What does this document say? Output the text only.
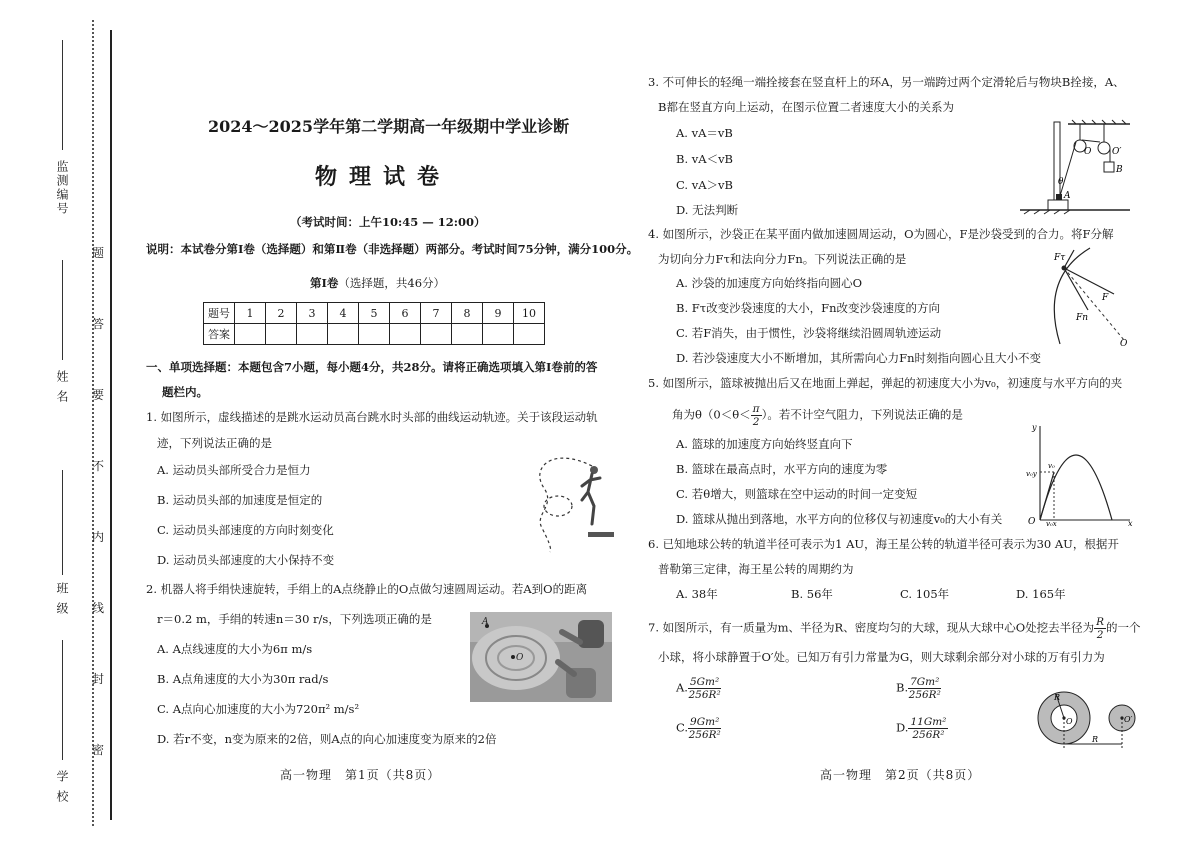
监测编号
姓 名
班 级
学 校
题
答
要
不
内
线
封
密
2024～2025学年第二学期高一年级期中学业诊断
物理试卷
（考试时间：上午10:45 — 12:00）
说明：本试卷分第Ⅰ卷（选择题）和第Ⅱ卷（非选择题）两部分。考试时间75分钟，满分100分。
第Ⅰ卷（选择题，共46分）
题号	1	2	3	4	5	6	7	8	9	10
答案										
一、单项选择题：本题包含7小题，每小题4分，共28分。请将正确选项填入第Ⅰ卷前的答
题栏内。
1. 如图所示，虚线描述的是跳水运动员高台跳水时头部的曲线运动轨迹。关于该段运动轨
迹，下列说法正确的是
A. 运动员头部所受合力是恒力
B. 运动员头部的加速度是恒定的
C. 运动员头部速度的方向时刻变化
D. 运动员头部速度的大小保持不变
2. 机器人将手绢快速旋转，手绢上的A点绕静止的O点做匀速圆周运动。若A到O的距离
r＝0.2 m，手绢的转速n＝30 r/s，下列选项正确的是
A. A点线速度的大小为6π m/s
B. A点角速度的大小为30π rad/s
C. A点向心加速度的大小为720π² m/s²
D. 若r不变，n变为原来的2倍，则A点的向心加速度变为原来的2倍
A
O
高一物理　第1页（共8页）
3. 不可伸长的轻绳一端拴接套在竖直杆上的环A，另一端跨过两个定滑轮后与物块B拴接，A、
B都在竖直方向上运动，在图示位置二者速度大小的关系为
A. vA＝vB
B. vA＜vB
C. vA＞vB
D. 无法判断
A
B
O O′
θ
4. 如图所示，沙袋正在某平面内做加速圆周运动，O为圆心，F是沙袋受到的合力。将F分解
为切向分力Fτ和法向分力Fn。下列说法正确的是
A. 沙袋的加速度方向始终指向圆心O
B. Fτ改变沙袋速度的大小，Fn改变沙袋速度的方向
C. 若F消失，由于惯性，沙袋将继续沿圆周轨迹运动
D. 若沙袋速度大小不断增加，其所需向心力Fn时刻指向圆心且大小不变
Fτ
F
Fn
O
5. 如图所示，篮球被抛出后又在地面上弹起，弹起的初速度大小为v₀，初速度与水平方向的夹
角为$\theta(0<\theta< \frac{\pi}{2}$ ）。若不计空气阻力，下列说法正确的是
A. 篮球的加速度方向始终竖直向下
B. 篮球在最高点时，水平方向的速度为零
C. 若θ增大，则篮球在空中运动的时间一定变短
D. 篮球从抛出到落地，水平方向的位移仅与初速度v₀的大小有关
y
x
O
v₀
v₀y
v₀x
6. 已知地球公转的轨道半径可表示为1 AU，海王星公转的轨道半径可表示为30 AU，根据开
普勒第三定律，海王星公转的周期约为
A. 38年	B. 56年	C. 105年	D. 165年
7. 如图所示，有一质量为m、半径为R、密度均匀的大球，现从大球中心O处挖去半径为 $\frac{R}{2}$ 的一个
小球，将小球静置于O′处。已知万有引力常量为G，则大球剩余部分对小球的万有引力为
A. $\frac{\text{5Gm²}}{\text{256R²}}$	B. $\frac{\text{7Gm²}}{\text{256R²}}$
C. $\frac{\text{9Gm²}}{\text{256R²}}$	D. $\frac{\text{11Gm²}}{\text{256R²}}$
R
O	O′
R
高一物理　第2页（共8页）
